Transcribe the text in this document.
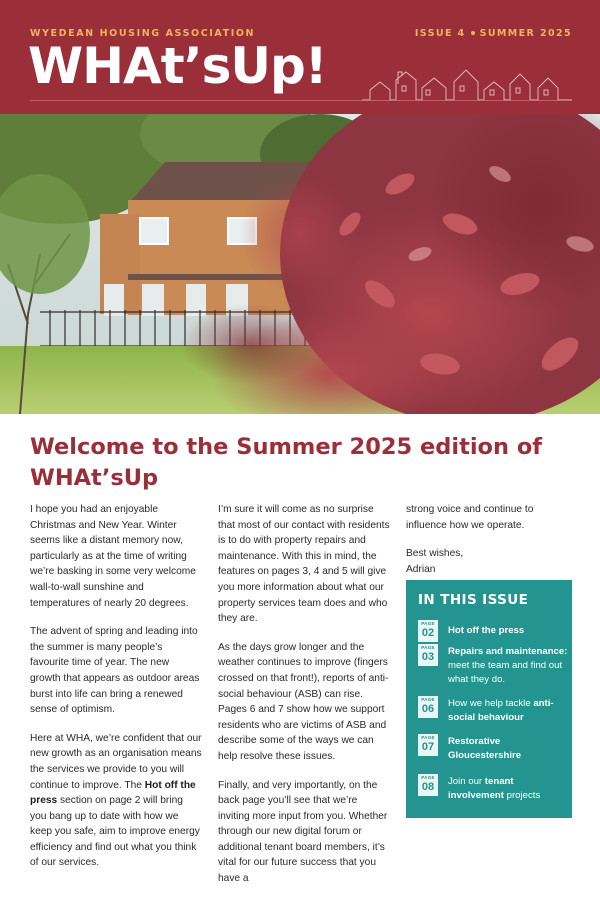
WYEDEAN HOUSING ASSOCIATION	ISSUE 4 SUMMER 2025
WHAt’sUp!
Welcome to the Summer 2025 edition of
WHAt’sUp

I hope you had an enjoyable Christmas and New Year. Winter seems like a distant memory now, particularly as at the time of writing we’re basking in some very welcome wall-to-wall sunshine and temperatures of nearly 20 degrees.

The advent of spring and leading into the summer is many people’s favourite time of year. The new growth that appears as outdoor areas burst into life can bring a renewed sense of optimism.

Here at WHA, we’re confident that our new growth as an organisation means the services we provide to you will continue to improve. The Hot off the press section on page 2 will bring you bang up to date with how we keep you safe, aim to improve energy efficiency and find out what you think of our services.

I’m sure it will come as no surprise that most of our contact with residents is to do with property repairs and maintenance. With this in mind, the features on pages 3, 4 and 5 will give you more information about what our property services team does and who they are.

As the days grow longer and the weather continues to improve (fingers crossed on that front!), reports of anti-social behaviour (ASB) can rise. Pages 6 and 7 show how we support residents who are victims of ASB and describe some of the ways we can help resolve these issues.

Finally, and very importantly, on the back page you’ll see that we’re inviting more input from you. Whether through our new digital forum or additional tenant board members, it’s vital for our future success that you have a

strong voice and continue to influence how we operate.

Best wishes,
Adrian

IN THIS ISSUE
PAGE
02	Hot off the press
PAGE
03	Repairs and maintenance: meet the team and find out what they do.
PAGE
06	How we help tackle anti-social behaviour
PAGE
07	Restorative Gloucestershire
PAGE
08	Join our tenant involvement projects
